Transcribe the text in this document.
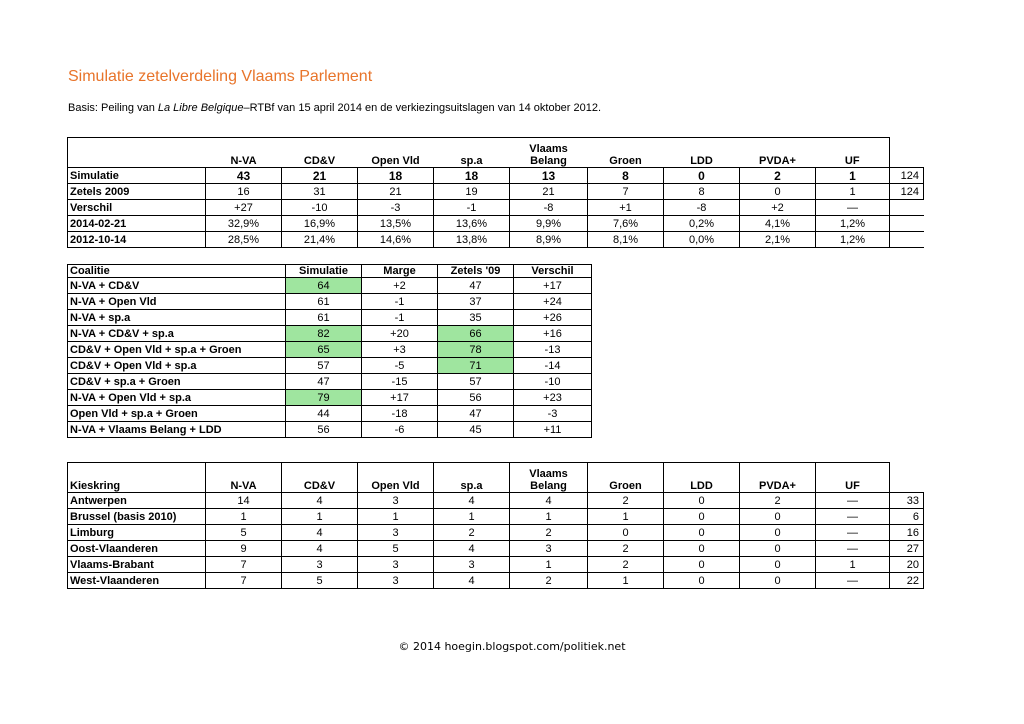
Simulatie zetelverdeling Vlaams Parlement
Basis: Peiling van La Libre Belgique–RTBf van 15 april 2014 en de verkiezingsuitslagen van 14 oktober 2012.
	N-VA	CD&V	Open Vld	sp.a	Vlaams Belang	Groen	LDD	PVDA+	UF	
Simulatie	43	21	18	18	13	8	0	2	1	124
Zetels 2009	16	31	21	19	21	7	8	0	1	124
Verschil	+27	-10	-3	-1	-8	+1	-8	+2	—	
2014-02-21	32,9%	16,9%	13,5%	13,6%	9,9%	7,6%	0,2%	4,1%	1,2%	
2012-10-14	28,5%	21,4%	14,6%	13,8%	8,9%	8,1%	0,0%	2,1%	1,2%	
Coalitie	Simulatie	Marge	Zetels '09	Verschil
N-VA + CD&V	64	+2	47	+17
N-VA + Open Vld	61	-1	37	+24
N-VA + sp.a	61	-1	35	+26
N-VA + CD&V + sp.a	82	+20	66	+16
CD&V + Open Vld + sp.a + Groen	65	+3	78	-13
CD&V + Open Vld + sp.a	57	-5	71	-14
CD&V + sp.a + Groen	47	-15	57	-10
N-VA + Open Vld + sp.a	79	+17	56	+23
Open Vld + sp.a + Groen	44	-18	47	-3
N-VA + Vlaams Belang + LDD	56	-6	45	+11
Kieskring	N-VA	CD&V	Open Vld	sp.a	Vlaams Belang	Groen	LDD	PVDA+	UF	
Antwerpen	14	4	3	4	4	2	0	2	—	33
Brussel (basis 2010)	1	1	1	1	1	1	0	0	—	6
Limburg	5	4	3	2	2	0	0	0	—	16
Oost-Vlaanderen	9	4	5	4	3	2	0	0	—	27
Vlaams-Brabant	7	3	3	3	1	2	0	0	1	20
West-Vlaanderen	7	5	3	4	2	1	0	0	—	22
© 2014 hoegin.blogspot.com/politiek.net
